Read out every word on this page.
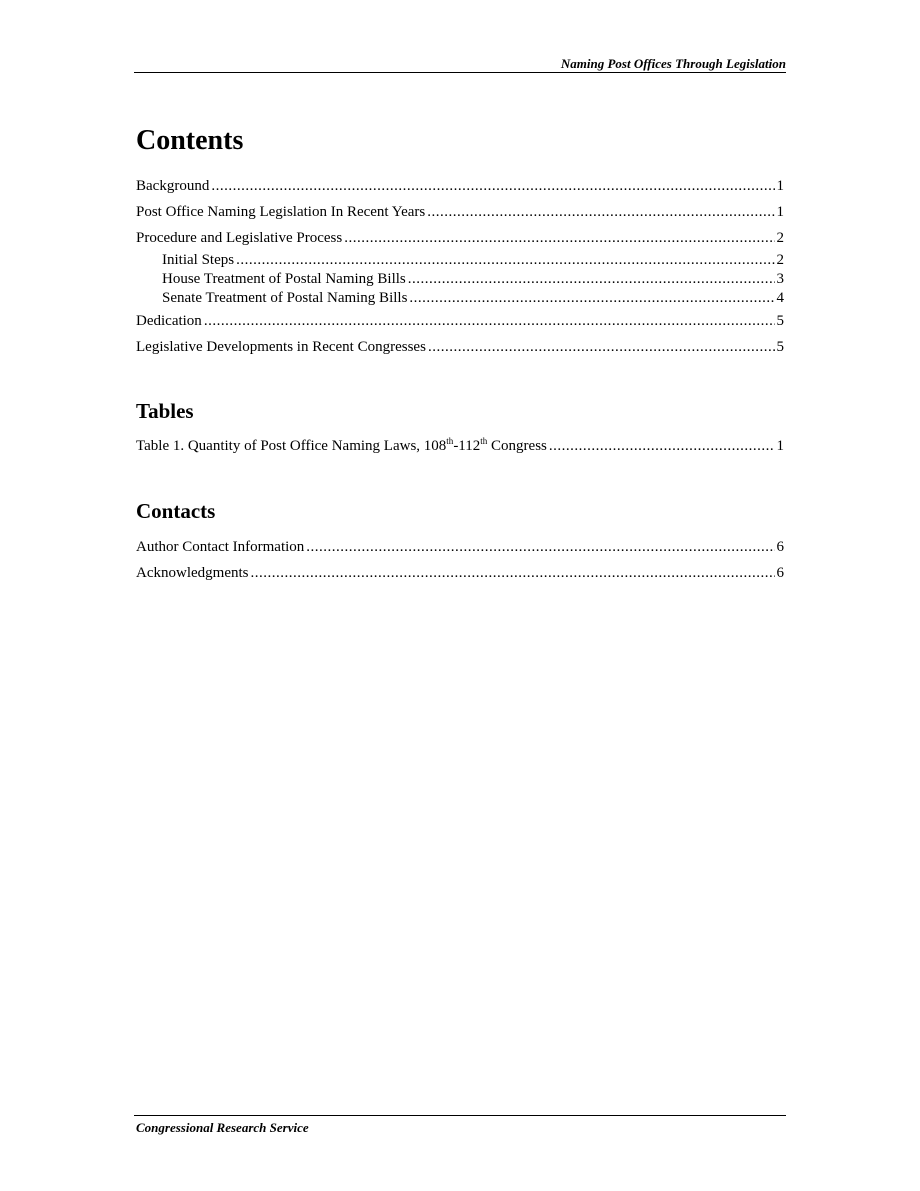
Naming Post Offices Through Legislation
Contents
Background .....	1
Post Office Naming Legislation In Recent Years .....	1
Procedure and Legislative Process .....	2
Initial Steps .....	2
House Treatment of Postal Naming Bills .....	3
Senate Treatment of Postal Naming Bills .....	4
Dedication .....	5
Legislative Developments in Recent Congresses .....	5
Tables
Table 1. Quantity of Post Office Naming Laws, 108th-112th Congress .....	1
Contacts
Author Contact Information .....	6
Acknowledgments .....	6
Congressional Research Service
